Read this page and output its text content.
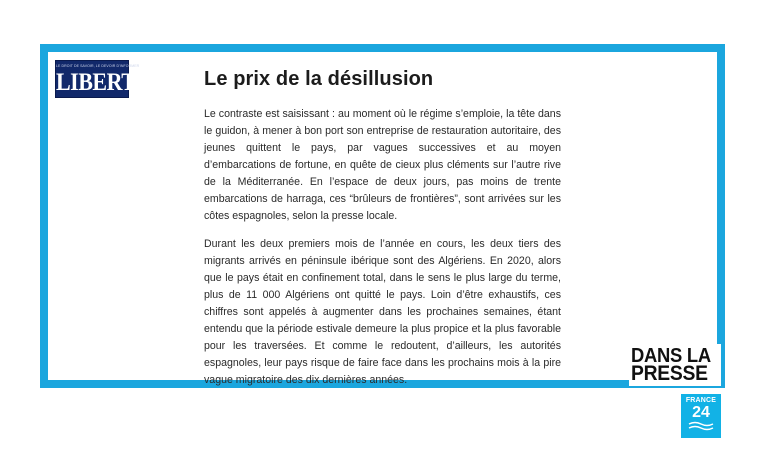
LE DROIT DE SAVOIR, LE DEVOIR D'INFORMER
LIBERTE	Le prix de la désillusion

Le contraste est saisissant : au moment où le régime s’emploie, la tête dans le guidon, à mener à bon port son entreprise de restauration autoritaire, des jeunes quittent le pays, par vagues successives et au moyen d’embarcations de fortune, en quête de cieux plus cléments sur l’autre rive de la Méditerranée. En l’espace de deux jours, pas moins de trente embarcations de harraga, ces “brûleurs de frontières”, sont arrivées sur les côtes espagnoles, selon la presse locale.

Durant les deux premiers mois de l’année en cours, les deux tiers des migrants arrivés en péninsule ibérique sont des Algériens. En 2020, alors que le pays était en confinement total, dans le sens le plus large du terme, plus de 11 000 Algériens ont quitté le pays. Loin d’être exhaustifs, ces chiffres sont appelés à augmenter dans les prochaines semaines, étant entendu que la période estivale demeure la plus propice et la plus favorable pour les traversées. Et comme le redoutent, d’ailleurs, les autorités espagnoles, leur pays risque de faire face dans les prochains mois à la pire vague migratoire des dix dernières années.

DANS LA
PRESSE
FRANCE
24
